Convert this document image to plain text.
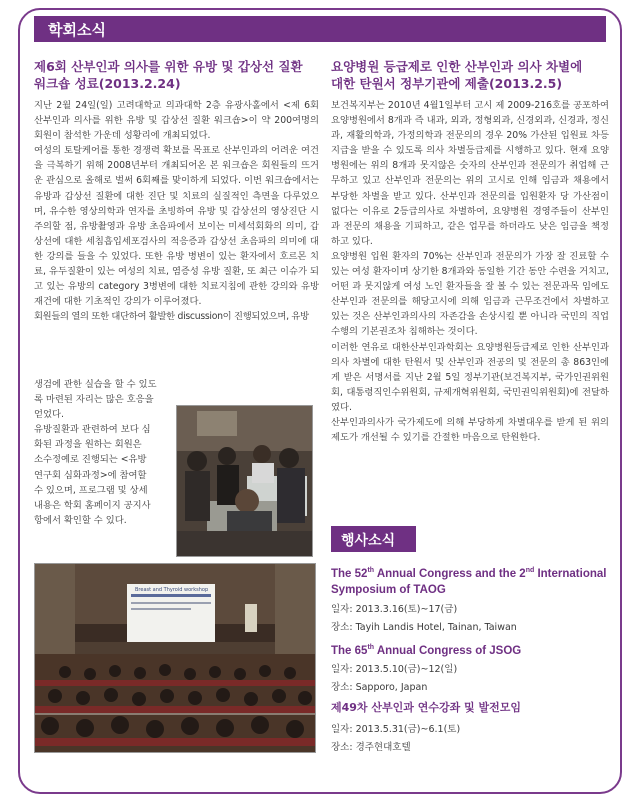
학회소식
제6회 산부인과 의사를 위한 유방 및 갑상선 질환
워크숍 성료(2013.2.24)

지난 2월 24일(일) 고려대학교 의과대학 2층 유광사홀에서 <제 6회 산부인과 의사를 위한 유방 및 갑상선 질환 워크숍>이 약 200여명의 회원이 참석한 가운데 성황리에 개최되었다.

여성의 토탈케어를 통한 경쟁력 확보를 목표로 산부인과의 어려운 여건을 극복하기 위해 2008년부터 개최되어온 본 워크숍은 회원들의 뜨거운 관심으로 올해로 벌써 6회째를 맞이하게 되었다. 이번 워크숍에서는 유방과 갑상선 질환에 대한 진단 및 치료의 실질적인 측면을 다루었으며, 유수한 영상의학과 연자를 초빙하여 유방 및 갑상선의 영상진단 시 주의할 점, 유방촬영과 유방 초음파에서 보이는 미세석회화의 의미, 갑상선에 대한 세침흡입세포검사의 적응증과 갑상선 초음파의 의미에 대한 강의를 들을 수 있었다. 또한 유방 병변이 있는 환자에서 호르몬 치료, 유두질환이 있는 여성의 치료, 염증성 유방 질환, 또 최근 이슈가 되고 있는 유방의 category 3병변에 대한 치료지침에 관한 강의와 유방재건에 대한 기초적인 강의가 이루어졌다.

회원들의 열의 또한 대단하여 활발한 discussion이 진행되었으며, 유방

생검에 관한 실습을 할 수 있도
록 마련된 자리는 많은 호응을
얻었다.
유방질환과 관련하여 보다 심
화된 과정을 원하는 회원은
소수정예로 진행되는 <유방
연구회 심화과정>에 참여할
수 있으며, 프로그램 및 상세
내용은 학회 홈페이지 공지사
항에서 확인할 수 있다.
Breast and Thyroid workshop
요양병원 등급제로 인한 산부인과 의사 차별에
대한 탄원서 정부기관에 제출(2013.2.5)

보건복지부는 2010년 4월1일부터 고시 제 2009-216호를 공포하여 요양병원에서 8개과 즉 내과, 외과, 정형외과, 신경외과, 신경과, 정신과, 재활의학과, 가정의학과 전문의의 경우 20% 가산된 입원료 차등지급을 받을 수 있도록 의사 차별등급제를 시행하고 있다. 현재 요양병원에는 위의 8개과 못지않은 숫자의 산부인과 전문의가 취업해 근무하고 있고 산부인과 전문의는 위의 고시로 인해 임금과 채용에서 부당한 차별을 받고 있다. 산부인과 전문의를 입원환자 당 가산점이 없다는 이유로 2등급의사로 차별하여, 요양병원 경영주들이 산부인과 전문의 채용을 기피하고, 같은 업무를 하더라도 낮은 임금을 책정하고 있다.

요양병원 입원 환자의 70%는 산부인과 전문의가 가장 잘 진료할 수 있는 여성 환자이며 상기한 8개과와 동일한 기간 동안 수련을 거치고, 어떤 과 못지않게 여성 노인 환자들을 잘 볼 수 있는 전문과목 임에도 산부인과 전문의를 해당고시에 의해 임금과 근무조건에서 차별하고 있는 것은 산부인과의사의 자존감을 손상시킬 뿐 아니라 국민의 직업수행의 기본권조차 침해하는 것이다.

이러한 연유로 대한산부인과학회는 요양병원등급제로 인한 산부인과 의사 차별에 대한 탄원서 및 산부인과 전공의 및 전문의 총 863인에게 받은 서명서를 지난 2월 5일 정부기관(보건복지부, 국가인권위원회, 대통령직인수위원회, 규제개혁위원회, 국민권익위원회)에 전달하였다.

산부인과의사가 국가제도에 의해 부당하게 차별대우를 받게 된 위의 제도가 개선될 수 있기를 간절한 마음으로 탄원한다.

행사소식
The 52th Annual Congress and the 2nd International
Symposium of TAOG

일자: 2013.3.16(토)~17(금)

장소: Tayih Landis Hotel, Tainan, Taiwan

The 65th Annual Congress of JSOG

일자: 2013.5.10(금)~12(일)

장소: Sapporo, Japan

제49차 산부인과 연수강좌 및 발전모임

일자: 2013.5.31(금)~6.1(토)

장소: 경주현대호텔
